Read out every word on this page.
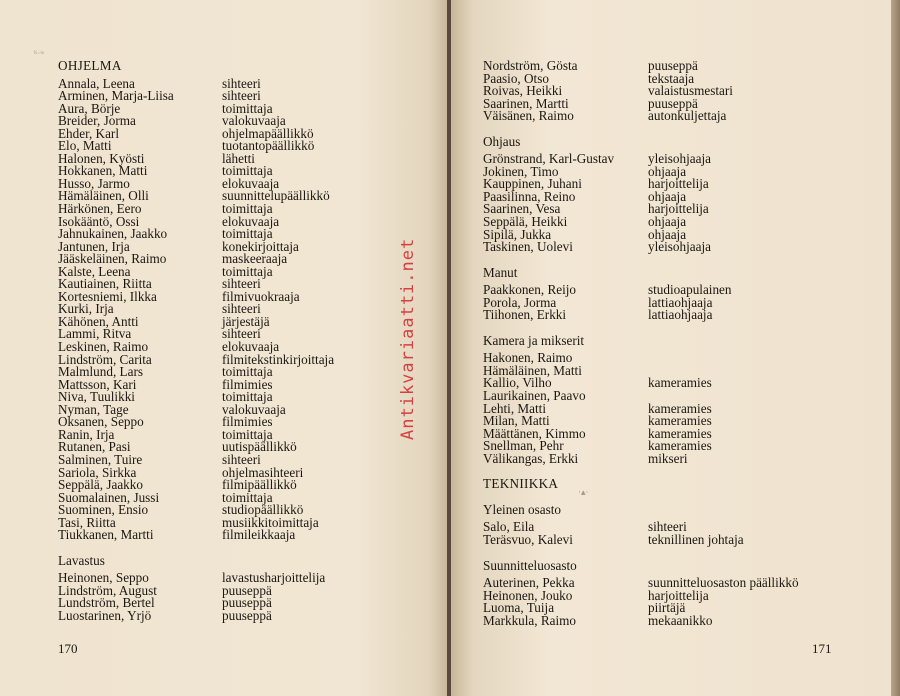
ᴷ·ᵗᵉ
·▴·
OHJELMA
Annala, Leena
Arminen, Marja-Liisa
Aura, Börje
Breider, Jorma
Ehder, Karl
Elo, Matti
Halonen, Kyösti
Hokkanen, Matti
Husso, Jarmo
Hämäläinen, Olli
Härkönen, Eero
Isokääntö, Ossi
Jahnukainen, Jaakko
Jantunen, Irja
Jääskeläinen, Raimo
Kalste, Leena
Kautiainen, Riitta
Kortesniemi, Ilkka
Kurki, Irja
Kähönen, Antti
Lammi, Ritva
Leskinen, Raimo
Lindström, Carita
Malmlund, Lars
Mattsson, Kari
Niva, Tuulikki
Nyman, Tage
Oksanen, Seppo
Ranin, Irja
Rutanen, Pasi
Salminen, Tuire
Sariola, Sirkka
Seppälä, Jaakko
Suomalainen, Jussi
Suominen, Ensio
Tasi, Riitta
Tiukkanen, Martti
Lavastus
Heinonen, Seppo
Lindström, August
Lundström, Bertel
Luostarinen, Yrjö

sihteeri
sihteeri
toimittaja
valokuvaaja
ohjelmapäällikkö
tuotantopäällikkö
lähetti
toimittaja
elokuvaaja
suunnittelupäällikkö
toimittaja
elokuvaaja
toimittaja
konekirjoittaja
maskeeraaja
toimittaja
sihteeri
filmivuokraaja
sihteeri
järjestäjä
sihteeri
elokuvaaja
filmitekstinkirjoittaja
toimittaja
filmimies
toimittaja
valokuvaaja
filmimies
toimittaja
uutispäällikkö
sihteeri
ohjelmasihteeri
filmipäällikkö
toimittaja
studiopäällikkö
musiikkitoimittaja
filmileikkaaja

lavastusharjoittelija
puuseppä
puuseppä
puuseppä
Nordström, Gösta
Paasio, Otso
Roivas, Heikki
Saarinen, Martti
Väisänen, Raimo
Ohjaus
Grönstrand, Karl-Gustav
Jokinen, Timo
Kauppinen, Juhani
Paasilinna, Reino
Saarinen, Vesa
Seppälä, Heikki
Sipilä, Jukka
Taskinen, Uolevi
Manut
Paakkonen, Reijo
Porola, Jorma
Tiihonen, Erkki
Kamera ja mikserit
Hakonen, Raimo
Hämäläinen, Matti
Kallio, Vilho
Laurikainen, Paavo
Lehti, Matti
Milan, Matti
Määttänen, Kimmo
Snellman, Pehr
Välikangas, Erkki
TEKNIIKKA
Yleinen osasto
Salo, Eila
Teräsvuo, Kalevi
Suunnitteluosasto
Auterinen, Pekka
Heinonen, Jouko
Luoma, Tuija
Markkula, Raimo
puuseppä
tekstaaja
valaistusmestari
puuseppä
autonkuljettaja

yleisohjaaja
ohjaaja
harjoittelija
ohjaaja
harjoittelija
ohjaaja
ohjaaja
yleisohjaaja

studioapulainen
lattiaohjaaja
lattiaohjaaja

kameramies
kameramies
kameramies
kameramies
kameramies
mikseri

sihteeri
teknillinen johtaja

suunnitteluosaston päällikkö
harjoittelija
piirtäjä
mekaanikko
170	171
Antikvariaatti.net
